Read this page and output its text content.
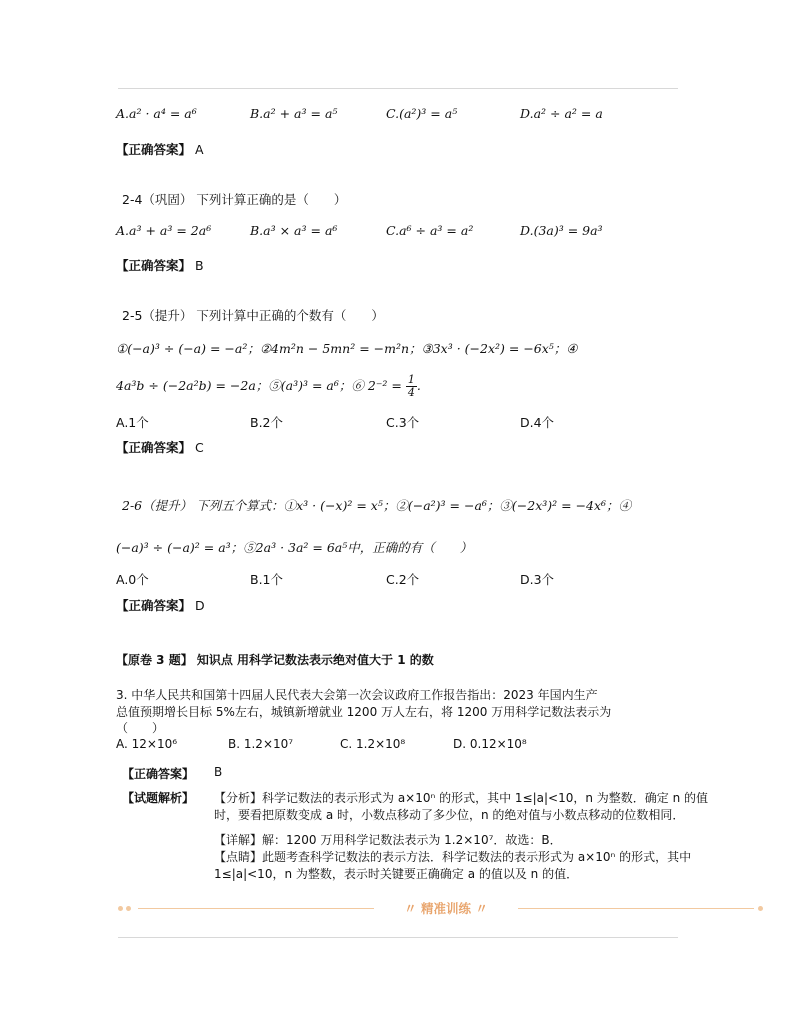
A.a² · a⁴ = a⁶	B.a² + a³ = a⁵	C.(a²)³ = a⁵	D.a² ÷ a² = a
【正确答案】 A
2-4（巩固） 下列计算正确的是（　　）
A.a³ + a³ = 2a⁶	B.a³ × a³ = a⁶	C.a⁶ ÷ a³ = a²	D.(3a)³ = 9a³
【正确答案】 B
2-5（提升） 下列计算中正确的个数有（　　）
①(−a)³ ÷ (−a) = −a²；②4m²n − 5mn² = −m²n；③3x³ · (−2x²) = −6x⁵；④
4a³b ÷ (−2a²b) = −2a；⑤(a³)³ = a⁶；⑥ $2^{-2} = \frac{1}{4}$ .
A.1个	B.2个	C.3个	D.4个
【正确答案】 C
2-6（提升） 下列五个算式：①x³ · (−x)² = x⁵；②(−a²)³ = −a⁶；③(−2x³)² = −4x⁶；④
(−a)³ ÷ (−a)² = a³；⑤2a³ · 3a² = 6a⁵中，正确的有（　　）
A.0个	B.1个	C.2个	D.3个
【正确答案】 D
【原卷 3 题】 知识点 用科学记数法表示绝对值大于 1 的数
3. 中华人民共和国第十四届人民代表大会第一次会议政府工作报告指出：2023 年国内生产
总值预期增长目标 5%左右，城镇新增就业 1200 万人左右，将 1200 万用科学记数法表示为
（　　）
A. 12×10⁶	B. 1.2×10⁷	C. 1.2×10⁸	D. 0.12×10⁸
【正确答案】 B
【试题解析】 【分析】科学记数法的表示形式为 a×10ⁿ 的形式，其中 1≤|a|<10，n 为整数．确定 n 的值
时，要看把原数变成 a 时，小数点移动了多少位，n 的绝对值与小数点移动的位数相同．
【详解】解：1200 万用科学记数法表示为 1.2×10⁷．故选：B．
【点睛】此题考查科学记数法的表示方法．科学记数法的表示形式为 a×10ⁿ 的形式，其中
1≤|a|<10，n 为整数，表示时关键要正确确定 a 的值以及 n 的值．
〃 精准训练 〃
